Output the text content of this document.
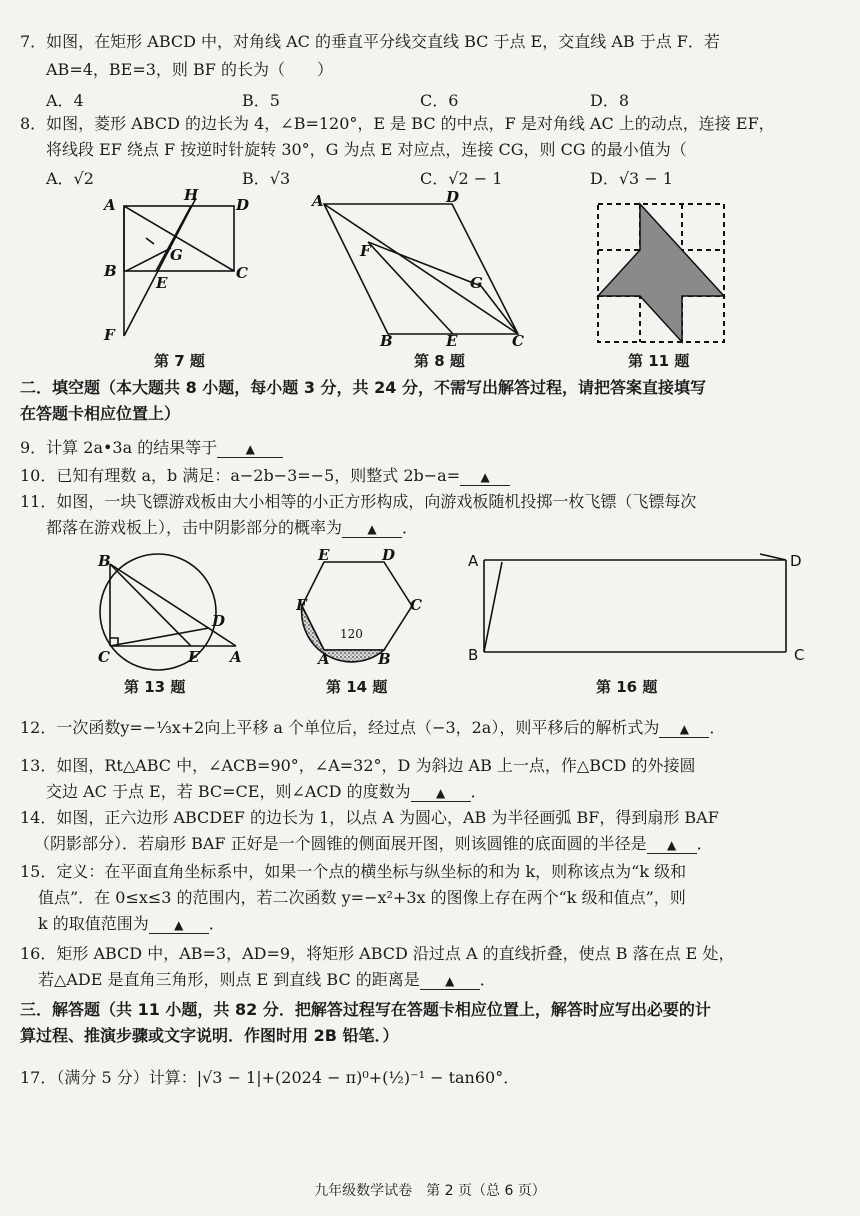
7．如图，在矩形 ABCD 中，对角线 AC 的垂直平分线交直线 BC 于点 E，交直线 AB 于点 F．若
AB=4，BE=3，则 BF 的长为（　　）
A．4	B．5	C．6	D．8
8．如图，菱形 ABCD 的边长为 4，∠B=120°，E 是 BC 的中点，F 是对角线 AC 上的动点，连接 EF，
将线段 EF 绕点 F 按逆时针旋转 30°，G 为点 E 对应点，连接 CG，则 CG 的最小值为（
A．√2	B．√3	C．√2 − 1	D．√3 − 1
A
H
D
G
B	C
E
F
第 7 题
A	D
F
G
B	E	C
第 8 题	第 11 题
二．填空题（本大题共 8 小题，每小题 3 分，共 24 分，不需写出解答过程，请把答案直接填写
在答题卡相应位置上）
9．计算 2a•3a 的结果等于 ▲
10．已知有理数 a，b 满足：a−2b−3=−5，则整式 2b−a= ▲
11．如图，一块飞镖游戏板由大小相等的小正方形构成，向游戏板随机投掷一枚飞镖（飞镖每次
都落在游戏板上），击中阴影部分的概率为 ▲ ．
B
D
C	E A
第 13 题
E	D
F	C
A	B
120
第 14 题
A	D
B	C
第 16 题
12．一次函数y=−⅓x+2向上平移 a 个单位后，经过点（−3，2a），则平移后的解析式为 ▲ ．
13．如图，Rt△ABC 中，∠ACB=90°，∠A=32°，D 为斜边 AB 上一点，作△BCD 的外接圆
交边 AC 于点 E，若 BC=CE，则∠ACD 的度数为 ▲ ．
14．如图，正六边形 ABCDEF 的边长为 1，以点 A 为圆心，AB 为半径画弧 BF，得到扇形 BAF
（阴影部分）．若扇形 BAF 正好是一个圆锥的侧面展开图，则该圆锥的底面圆的半径是 ▲ ．
15．定义：在平面直角坐标系中，如果一个点的横坐标与纵坐标的和为 k，则称该点为“k 级和
值点”．在 0≤x≤3 的范围内，若二次函数 y=−x²+3x 的图像上存在两个“k 级和值点”，则
k 的取值范围为 ▲ ．
16．矩形 ABCD 中，AB=3，AD=9，将矩形 ABCD 沿过点 A 的直线折叠，使点 B 落在点 E 处，
若△ADE 是直角三角形，则点 E 到直线 BC 的距离是 ▲ ．
三．解答题（共 11 小题，共 82 分．把解答过程写在答题卡相应位置上，解答时应写出必要的计
算过程、推演步骤或文字说明．作图时用 2B 铅笔．）
17．（满分 5 分）计算：|√3 − 1|+(2024 − π)⁰+(½)⁻¹ − tan60°．
九年级数学试卷　第 2 页（总 6 页）
